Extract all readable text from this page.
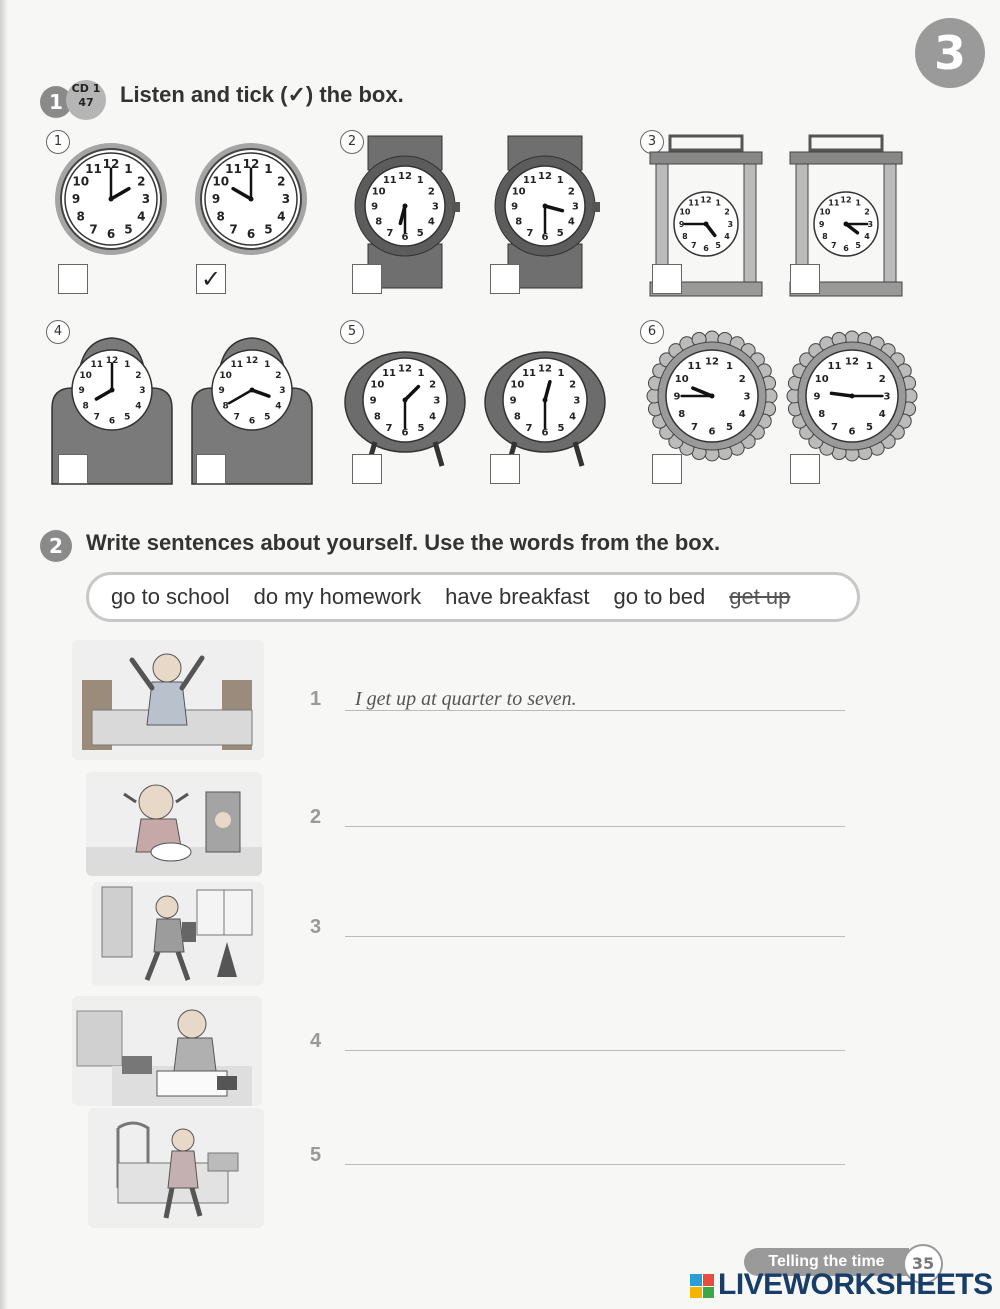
3
1
CD 1
47	Listen and tick (✓) the box.
1
1
2
3
4
5
6
7
8
9
10
11 12	1
2
3
4
5
6
7
8
9
10
11 12
✓
2
1
2
3
4
5
6
7
8
9
10
11 12	1
2
3
4
5
6
7
8
9
10
11 12
3
1
2
3
4
5
6
7
8
9
10
11 12	1
2
3
4
5
6
7
8
9
10
11 12
4
1
2
3
4
5
6
7
8
9
10
11 12	1
2
3
4
5
6
7
8
9
10
11 12
5
1
2
3
4
5
6
7
8
9
10
11 12	1
2
3
4
5
6
7
8
9
10
11 12
6
1
2
3
4
5
6
7
8
9
10
11 12	1
2
3
4
5
6
7
8
9
10
11 12
2	Write sentences about yourself. Use the words from the box.
go to school do my homework have breakfast go to bed get up
1 I get up at quarter to seven.
2
3
4
5
Telling the time	35
LIVEWORKSHEETS
